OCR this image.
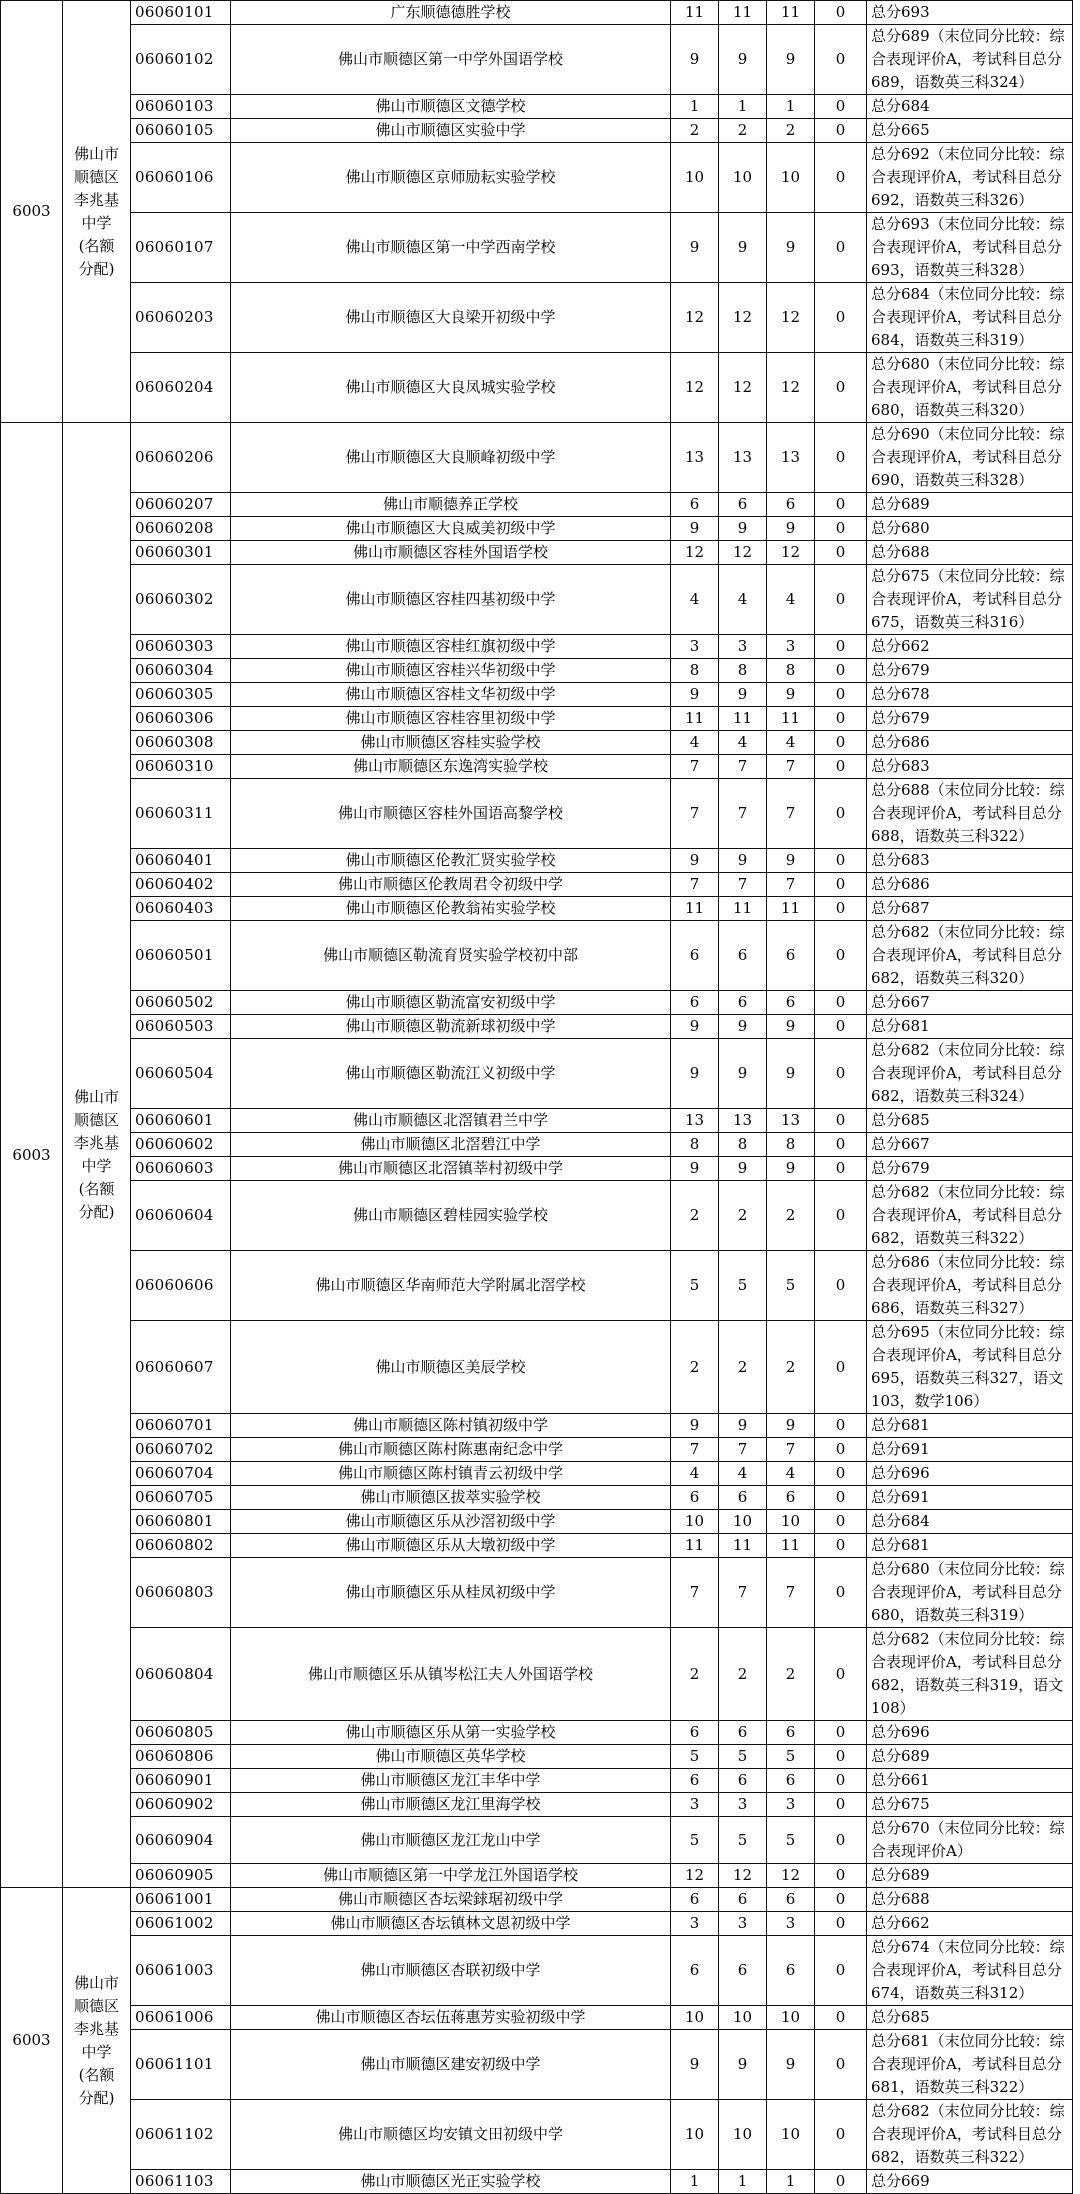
6003	佛山市顺德区李兆基中学(名额分配)	06060101	广东顺德德胜学校	11	11	11	0	总分693
		06060102	佛山市顺德区第一中学外国语学校	9	9	9	0	总分689（末位同分比较：综合表现评价A，考试科目总分689，语数英三科324）
		06060103	佛山市顺德区文德学校	1	1	1	0	总分684
		06060105	佛山市顺德区实验中学	2	2	2	0	总分665
		06060106	佛山市顺德区京师励耘实验学校	10	10	10	0	总分692（末位同分比较：综合表现评价A，考试科目总分692，语数英三科326）
		06060107	佛山市顺德区第一中学西南学校	9	9	9	0	总分693（末位同分比较：综合表现评价A，考试科目总分693，语数英三科328）
		06060203	佛山市顺德区大良梁开初级中学	12	12	12	0	总分684（末位同分比较：综合表现评价A，考试科目总分684，语数英三科319）
		06060204	佛山市顺德区大良凤城实验学校	12	12	12	0	总分680（末位同分比较：综合表现评价A，考试科目总分680，语数英三科320）
6003	佛山市顺德区李兆基中学(名额分配)	06060206	佛山市顺德区大良顺峰初级中学	13	13	13	0	总分690（末位同分比较：综合表现评价A，考试科目总分690，语数英三科328）
		06060207	佛山市顺德养正学校	6	6	6	0	总分689
		06060208	佛山市顺德区大良威美初级中学	9	9	9	0	总分680
		06060301	佛山市顺德区容桂外国语学校	12	12	12	0	总分688
		06060302	佛山市顺德区容桂四基初级中学	4	4	4	0	总分675（末位同分比较：综合表现评价A，考试科目总分675，语数英三科316）
		06060303	佛山市顺德区容桂红旗初级中学	3	3	3	0	总分662
		06060304	佛山市顺德区容桂兴华初级中学	8	8	8	0	总分679
		06060305	佛山市顺德区容桂文华初级中学	9	9	9	0	总分678
		06060306	佛山市顺德区容桂容里初级中学	11	11	11	0	总分679
		06060308	佛山市顺德区容桂实验学校	4	4	4	0	总分686
		06060310	佛山市顺德区东逸湾实验学校	7	7	7	0	总分683
		06060311	佛山市顺德区容桂外国语高黎学校	7	7	7	0	总分688（末位同分比较：综合表现评价A，考试科目总分688，语数英三科322）
		06060401	佛山市顺德区伦教汇贤实验学校	9	9	9	0	总分683
		06060402	佛山市顺德区伦教周君令初级中学	7	7	7	0	总分686
		06060403	佛山市顺德区伦教翁祐实验学校	11	11	11	0	总分687
		06060501	佛山市顺德区勒流育贤实验学校初中部	6	6	6	0	总分682（末位同分比较：综合表现评价A，考试科目总分682，语数英三科320）
		06060502	佛山市顺德区勒流富安初级中学	6	6	6	0	总分667
		06060503	佛山市顺德区勒流新球初级中学	9	9	9	0	总分681
		06060504	佛山市顺德区勒流江义初级中学	9	9	9	0	总分682（末位同分比较：综合表现评价A，考试科目总分682，语数英三科324）
		06060601	佛山市顺德区北滘镇君兰中学	13	13	13	0	总分685
		06060602	佛山市顺德区北滘碧江中学	8	8	8	0	总分667
		06060603	佛山市顺德区北滘镇莘村初级中学	9	9	9	0	总分679
		06060604	佛山市顺德区碧桂园实验学校	2	2	2	0	总分682（末位同分比较：综合表现评价A，考试科目总分682，语数英三科322）
		06060606	佛山市顺德区华南师范大学附属北滘学校	5	5	5	0	总分686（末位同分比较：综合表现评价A，考试科目总分686，语数英三科327）
		06060607	佛山市顺德区美辰学校	2	2	2	0	总分695（末位同分比较：综合表现评价A，考试科目总分695，语数英三科327，语文103，数学106）
		06060701	佛山市顺德区陈村镇初级中学	9	9	9	0	总分681
		06060702	佛山市顺德区陈村陈惠南纪念中学	7	7	7	0	总分691
		06060704	佛山市顺德区陈村镇青云初级中学	4	4	4	0	总分696
		06060705	佛山市顺德区拔萃实验学校	6	6	6	0	总分691
		06060801	佛山市顺德区乐从沙滘初级中学	10	10	10	0	总分684
		06060802	佛山市顺德区乐从大墩初级中学	11	11	11	0	总分681
		06060803	佛山市顺德区乐从桂凤初级中学	7	7	7	0	总分680（末位同分比较：综合表现评价A，考试科目总分680，语数英三科319）
		06060804	佛山市顺德区乐从镇岑松江夫人外国语学校	2	2	2	0	总分682（末位同分比较：综合表现评价A，考试科目总分682，语数英三科319，语文108）
		06060805	佛山市顺德区乐从第一实验学校	6	6	6	0	总分696
		06060806	佛山市顺德区英华学校	5	5	5	0	总分689
		06060901	佛山市顺德区龙江丰华中学	6	6	6	0	总分661
		06060902	佛山市顺德区龙江里海学校	3	3	3	0	总分675
		06060904	佛山市顺德区龙江龙山中学	5	5	5	0	总分670（末位同分比较：综合表现评价A）
		06060905	佛山市顺德区第一中学龙江外国语学校	12	12	12	0	总分689
6003	佛山市顺德区李兆基中学(名额分配)	06061001	佛山市顺德区杏坛梁銶琚初级中学	6	6	6	0	总分688
		06061002	佛山市顺德区杏坛镇林文恩初级中学	3	3	3	0	总分662
		06061003	佛山市顺德区杏联初级中学	6	6	6	0	总分674（末位同分比较：综合表现评价A，考试科目总分674，语数英三科312）
		06061006	佛山市顺德区杏坛伍蒋惠芳实验初级中学	10	10	10	0	总分685
		06061101	佛山市顺德区建安初级中学	9	9	9	0	总分681（末位同分比较：综合表现评价A，考试科目总分681，语数英三科322）
		06061102	佛山市顺德区均安镇文田初级中学	10	10	10	0	总分682（末位同分比较：综合表现评价A，考试科目总分682，语数英三科322）
		06061103	佛山市顺德区光正实验学校	1	1	1	0	总分669
